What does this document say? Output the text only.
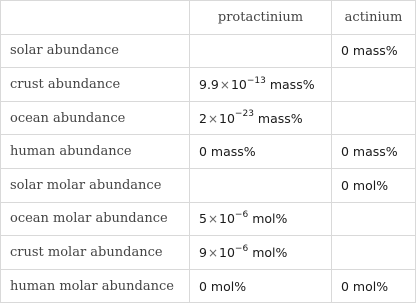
	protactinium	actinium
solar abundance		0 mass%
crust abundance	$9.9\times 10^{-13}$ mass%	
ocean abundance	$2\times 10^{-23}$ mass%	
human abundance	0 mass%	0 mass%
solar molar abundance		0 mol%
ocean molar abundance	$5\times 10^{-6}$ mol%	
crust molar abundance	$9\times 10^{-6}$ mol%	
human molar abundance	0 mol%	0 mol%
